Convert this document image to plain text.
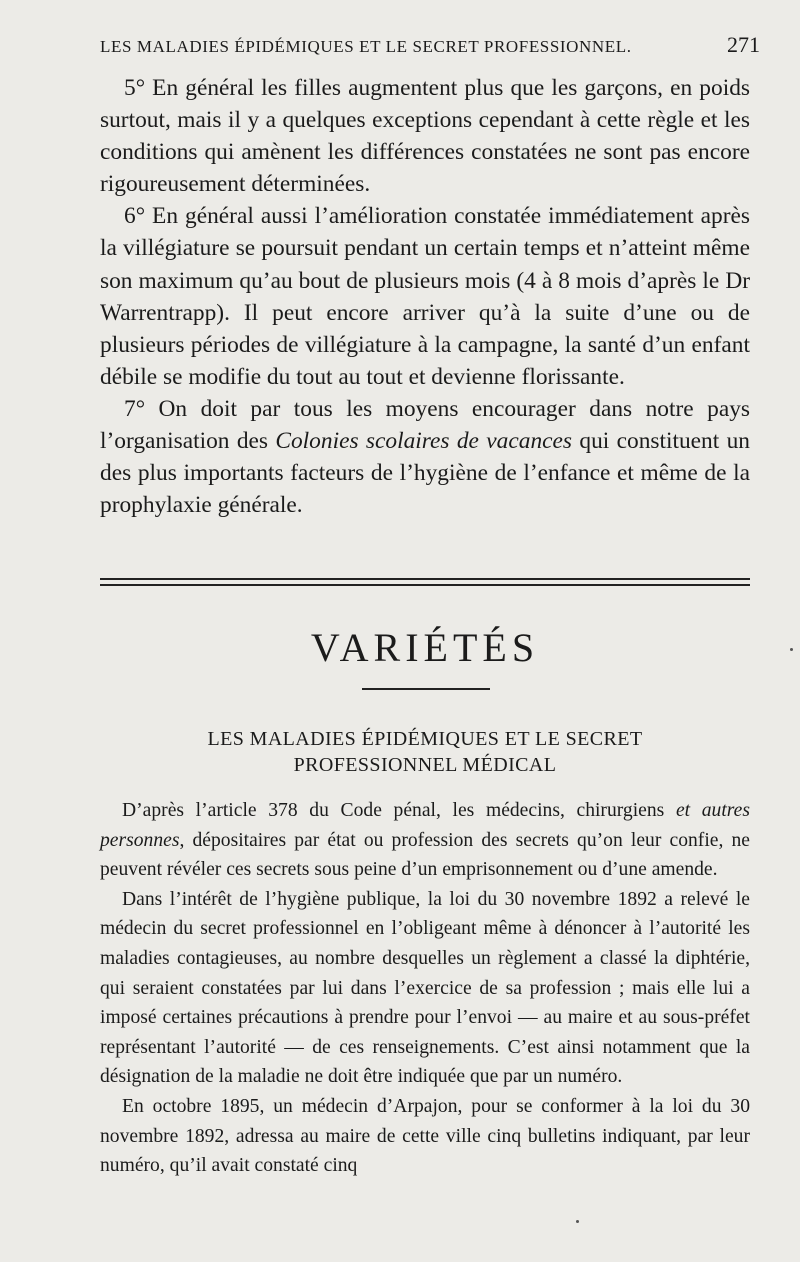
LES MALADIES ÉPIDÉMIQUES ET LE SECRET PROFESSIONNEL.	271

5° En général les filles augmentent plus que les garçons, en poids surtout, mais il y a quelques exceptions cependant à cette règle et les conditions qui amènent les différences constatées ne sont pas encore rigoureusement déterminées.

6° En général aussi l’amélioration constatée immédiatement après la villégiature se poursuit pendant un certain temps et n’atteint même son maximum qu’au bout de plusieurs mois (4 à 8 mois d’après le Dr Warrentrapp). Il peut encore arriver qu’à la suite d’une ou de plusieurs périodes de villégiature à la campagne, la santé d’un enfant débile se modifie du tout au tout et devienne florissante.

7° On doit par tous les moyens encourager dans notre pays l’organisation des Colonies scolaires de vacances qui constituent un des plus importants facteurs de l’hygiène de l’enfance et même de la prophylaxie générale.

VARIÉTÉS
LES MALADIES ÉPIDÉMIQUES ET LE SECRET
PROFESSIONNEL MÉDICAL

D’après l’article 378 du Code pénal, les médecins, chirurgiens et autres personnes, dépositaires par état ou profession des secrets qu’on leur confie, ne peuvent révéler ces secrets sous peine d’un emprisonnement ou d’une amende.

Dans l’intérêt de l’hygiène publique, la loi du 30 novembre 1892 a relevé le médecin du secret professionnel en l’obligeant même à dénoncer à l’autorité les maladies contagieuses, au nombre desquelles un règlement a classé la diphtérie, qui seraient constatées par lui dans l’exercice de sa profession ; mais elle lui a imposé certaines précautions à prendre pour l’envoi — au maire et au sous-préfet représentant l’autorité — de ces renseignements. C’est ainsi notamment que la désignation de la maladie ne doit être indiquée que par un numéro.

En octobre 1895, un médecin d’Arpajon, pour se conformer à la loi du 30 novembre 1892, adressa au maire de cette ville cinq bulletins indiquant, par leur numéro, qu’il avait constaté cinq
